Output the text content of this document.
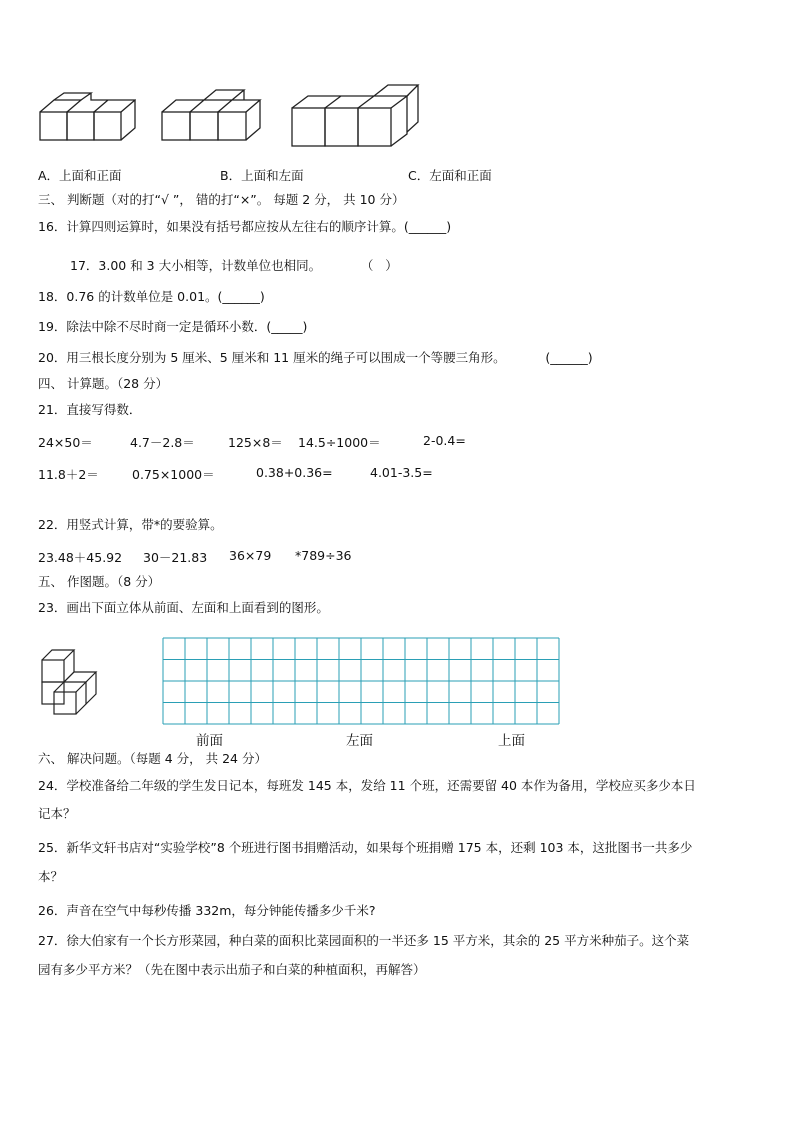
A．上面和正面	B．上面和左面	C．左面和正面
三、 判断题（对的打“√ ”， 错的打“×”。 每题 2 分， 共 10 分）
16．计算四则运算时，如果没有括号都应按从左往右的顺序计算。(______)
17．3.00 和 3 大小相等，计数单位也相同。          （   ）
18．0.76 的计数单位是 0.01。(______)
19．除法中除不尽时商一定是循环小数．(_____)
20．用三根长度分别为 5 厘米、5 厘米和 11 厘米的绳子可以围成一个等腰三角形。          (______)
四、 计算题。（28 分）
21．直接写得数．
24×50＝	4.7－2.8＝	125×8＝ 14.5÷1000＝	2-0.4=
11.8＋2＝	0.75×1000＝	0.38+0.36=	4.01-3.5=
22．用竖式计算，带*的要验算。
23.48＋45.92 30－21.83 36×79 *789÷36
五、 作图题。（8 分）
23．画出下面立体从前面、左面和上面看到的图形。
前面	左面	上面
六、 解决问题。（每题 4 分， 共 24 分）
24．学校准备给二年级的学生发日记本，每班发 145 本，发给 11 个班，还需要留 40 本作为备用，学校应买多少本日
记本？
25．新华文轩书店对“实验学校”8 个班进行图书捐赠活动，如果每个班捐赠 175 本，还剩 103 本，这批图书一共多少
本？
26．声音在空气中每秒传播 332m，每分钟能传播多少千米?
27．徐大伯家有一个长方形菜园，种白菜的面积比菜园面积的一半还多 15 平方米，其余的 25 平方米种茄子。这个菜
园有多少平方米？（先在图中表示出茄子和白菜的种植面积，再解答）
